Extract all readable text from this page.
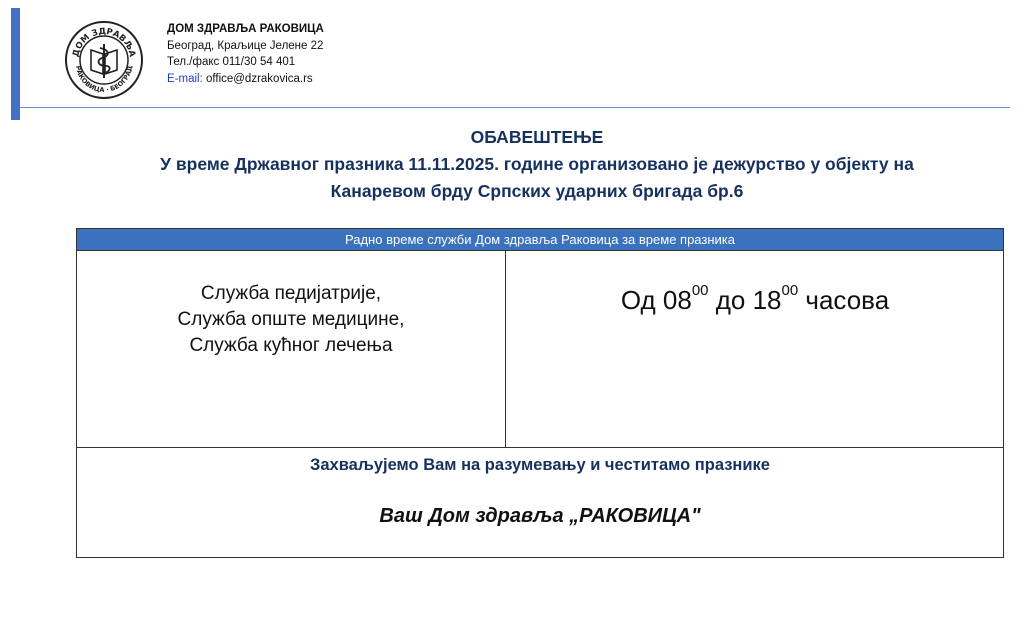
ДОМ ЗДРАВЉА
РАКОВИЦА · БЕОГРАД
ДОМ ЗДРАВЉА РАКОВИЦА
Београд, Краљице Јелене 22
Тел./факс 011/30 54 401
E-mail: office@dzrakovica.rs
ОБАВЕШТЕЊЕ
У време Државног празника 11.11.2025. године организовано је дежурство у објекту на
Канаревом брду Српских ударних бригада бр.6
Радно време служби Дом здравља Раковица за време празника
Служба педијатрије,
Служба опште медицине,
Служба кућног лечења
Од $08^{00}$ до $18^{00}$ часова
Захваљујемо Вам на разумевању и честитамо празнике
Ваш Дом здравља „РАКОВИЦА"
